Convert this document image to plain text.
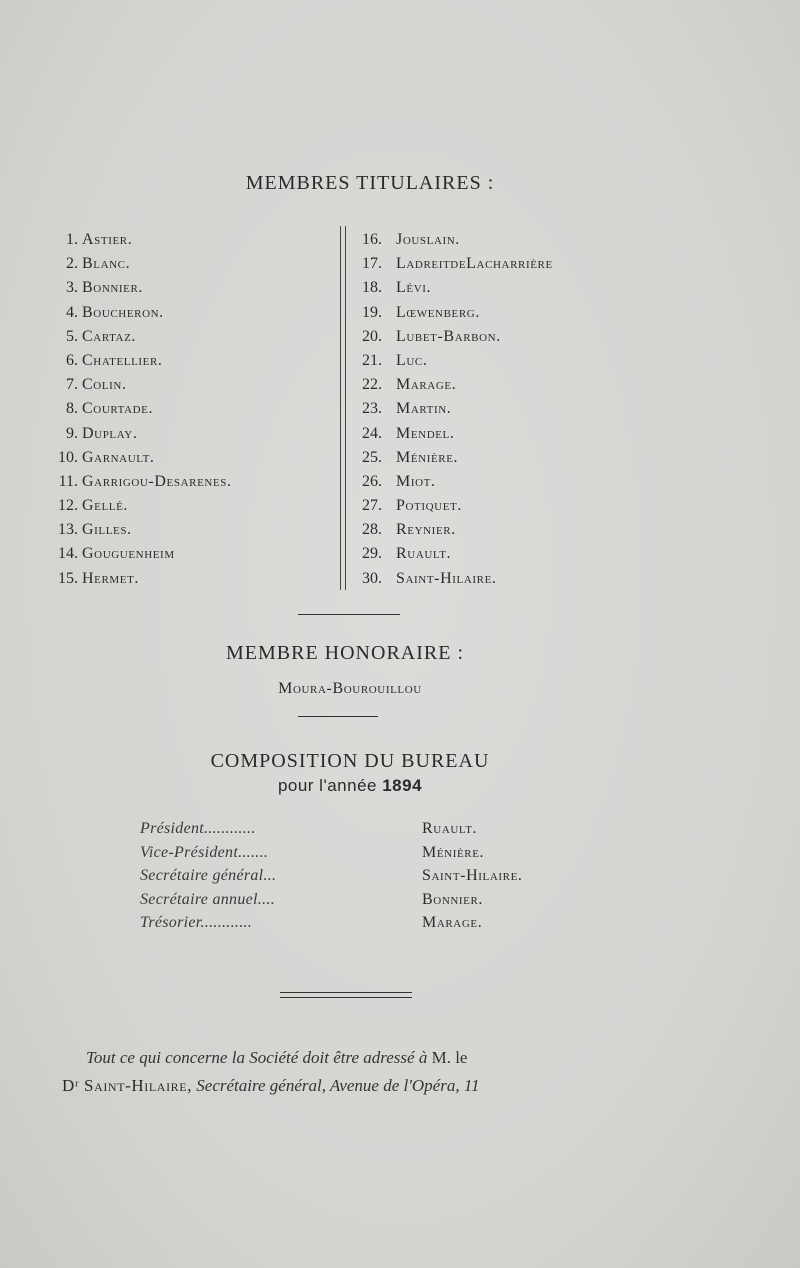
MEMBRES TITULAIRES :
1. Astier.
2. Blanc.
3. Bonnier.
4. Boucheron.
5. Cartaz.
6. Chatellier.
7. Colin.
8. Courtade.
9. Duplay.
10. Garnault.
11. Garrigou-Desarenes.
12. Gellé.
13. Gilles.
14. Gouguenheim
15. Hermet.
16. Jouslain.
17. LadreitdeLacharrière
18. Lévi.
19. Lœwenberg.
20. Lubet-Barbon.
21. Luc.
22. Marage.
23. Martin.
24. Mendel.
25. Ménière.
26. Miot.
27. Potiquet.
28. Reynier.
29. Ruault.
30. Saint-Hilaire.
MEMBRE HONORAIRE :
Moura-Bourouillou
COMPOSITION DU BUREAU
pour l'année 1894
Président............	Ruault.
Vice-Président.......	Ménière.
Secrétaire général...	Saint-Hilaire.
Secrétaire annuel....	Bonnier.
Trésorier............	Marage.
Tout ce qui concerne la Société doit être adressé à M. le
Dʳ Saint-Hilaire, Secrétaire général, Avenue de l'Opéra, 11
